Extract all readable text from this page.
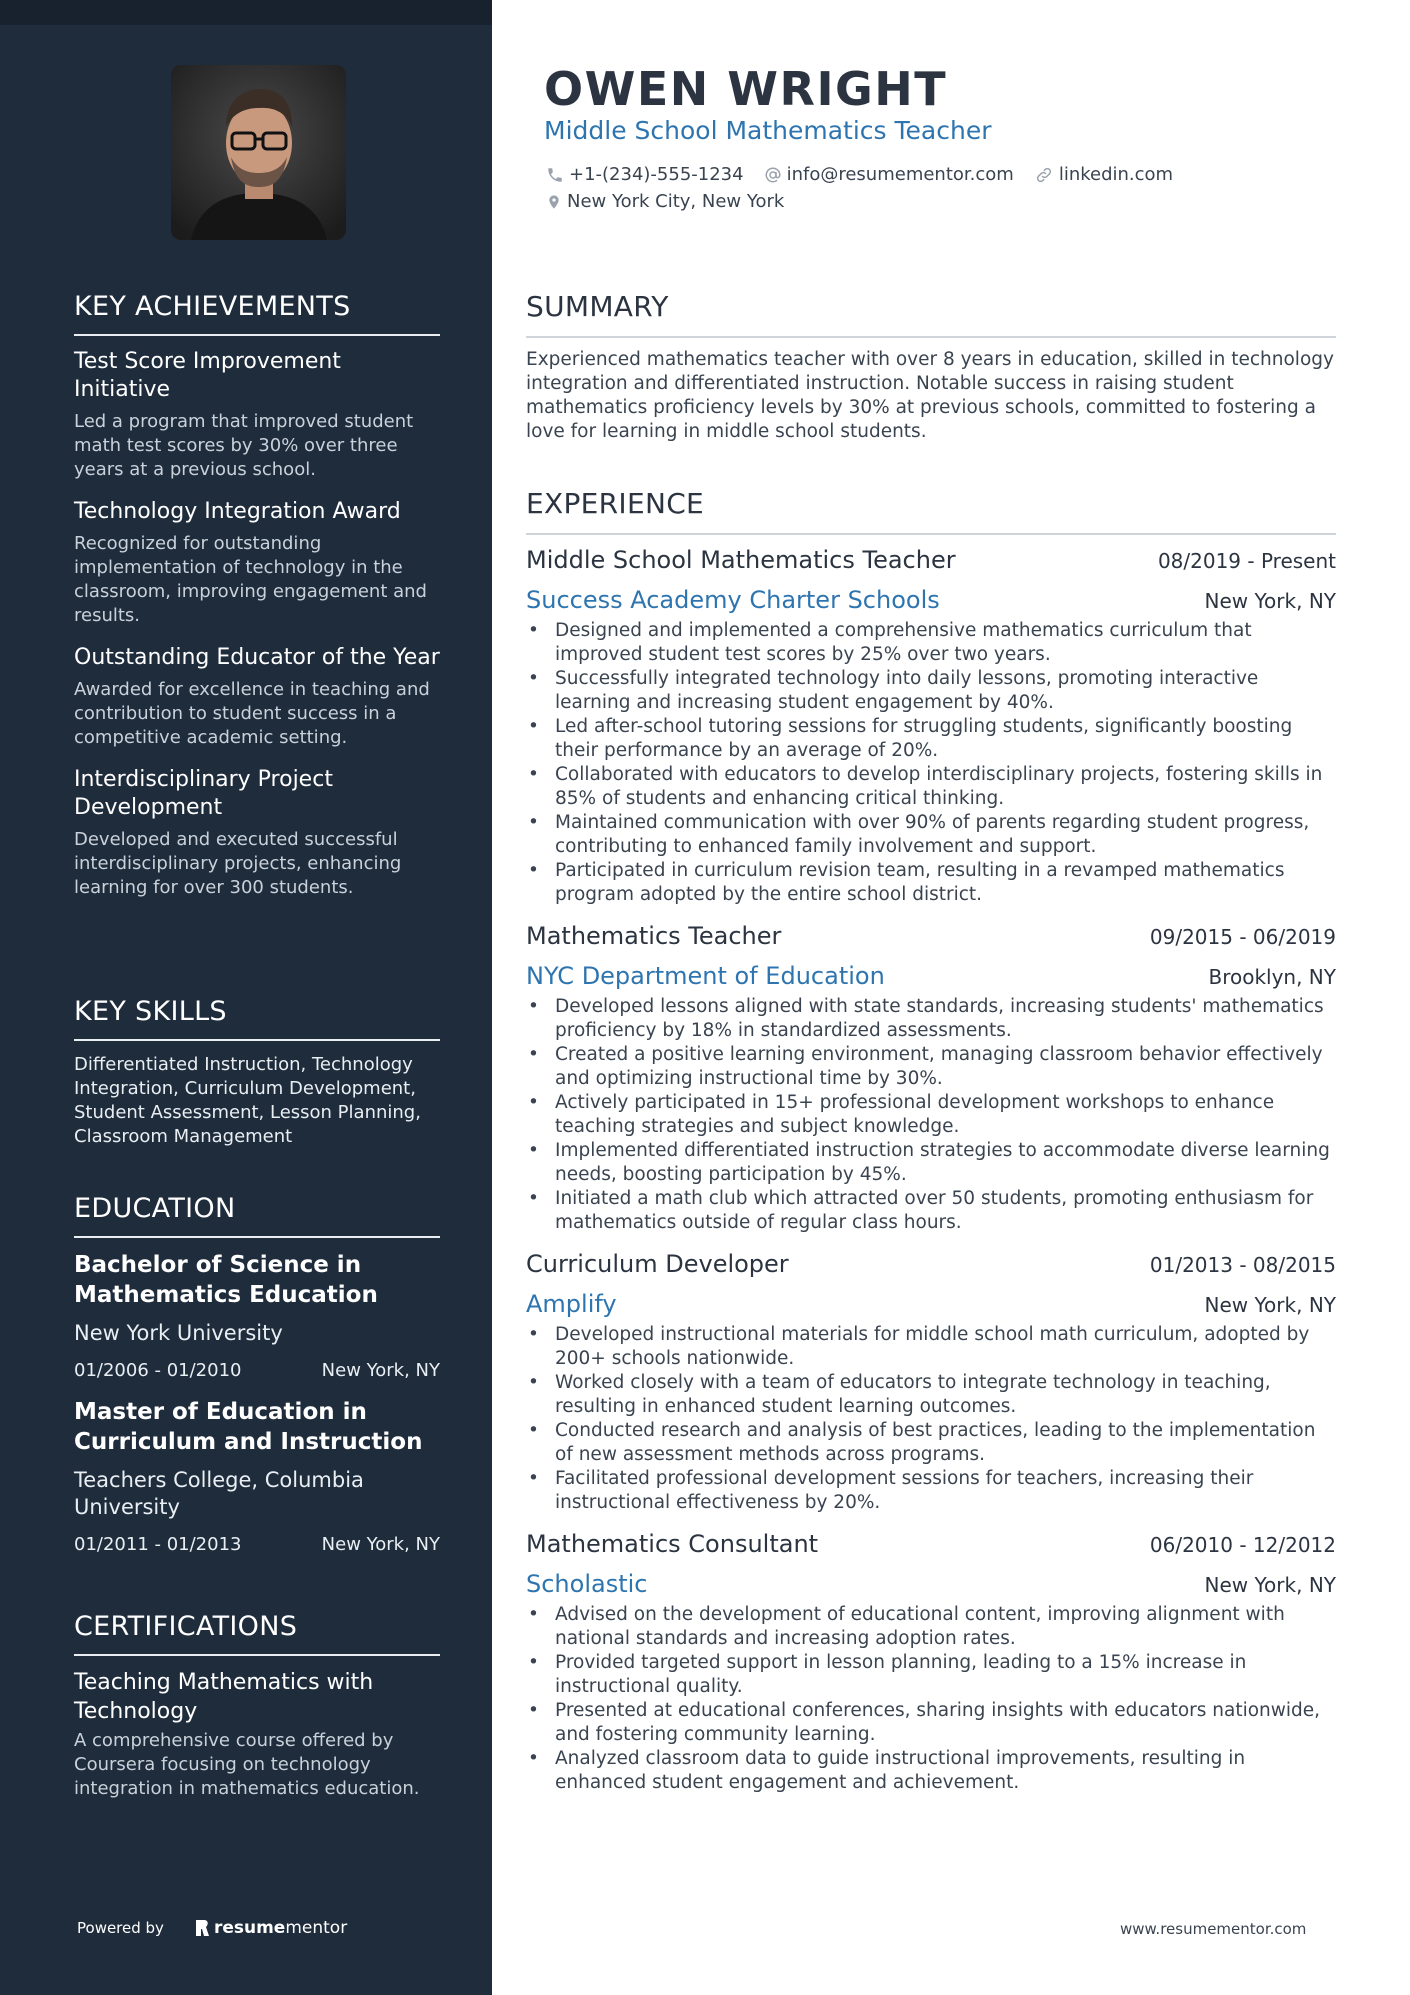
KEY ACHIEVEMENTS
Test Score Improvement Initiative
Led a program that improved student math test scores by 30% over three years at a previous school.
Technology Integration Award
Recognized for outstanding implementation of technology in the classroom, improving engagement and results.
Outstanding Educator of the Year
Awarded for excellence in teaching and contribution to student success in a competitive academic setting.
Interdisciplinary Project Development
Developed and executed successful interdisciplinary projects, enhancing learning for over 300 students.
KEY SKILLS
Differentiated Instruction, Technology Integration, Curriculum Development, Student Assessment, Lesson Planning, Classroom Management
EDUCATION
Bachelor of Science in Mathematics Education
New York University
01/2006 - 01/2010	New York, NY
Master of Education in Curriculum and Instruction
Teachers College, Columbia University
01/2011 - 01/2013	New York, NY
CERTIFICATIONS
Teaching Mathematics with Technology
A comprehensive course offered by Coursera focusing on technology integration in mathematics education.
Powered by	resume mentor
OWEN WRIGHT
Middle School Mathematics Teacher
+1-(234)-555-1234 info@resumementor.com	linkedin.com
New York City, New York
SUMMARY
Experienced mathematics teacher with over 8 years in education, skilled in technology integration and differentiated instruction. Notable success in raising student mathematics proficiency levels by 30% at previous schools, committed to fostering a love for learning in middle school students.
EXPERIENCE
Middle School Mathematics Teacher	08/2019 - Present
Success Academy Charter Schools	New York, NY
• Designed and implemented a comprehensive mathematics curriculum that improved student test scores by 25% over two years.
• Successfully integrated technology into daily lessons, promoting interactive learning and increasing student engagement by 40%.
• Led after-school tutoring sessions for struggling students, significantly boosting their performance by an average of 20%.
• Collaborated with educators to develop interdisciplinary projects, fostering skills in 85% of students and enhancing critical thinking.
• Maintained communication with over 90% of parents regarding student progress, contributing to enhanced family involvement and support.
• Participated in curriculum revision team, resulting in a revamped mathematics program adopted by the entire school district.
Mathematics Teacher	09/2015 - 06/2019
NYC Department of Education	Brooklyn, NY
• Developed lessons aligned with state standards, increasing students' mathematics proficiency by 18% in standardized assessments.
• Created a positive learning environment, managing classroom behavior effectively and optimizing instructional time by 30%.
• Actively participated in 15+ professional development workshops to enhance teaching strategies and subject knowledge.
• Implemented differentiated instruction strategies to accommodate diverse learning needs, boosting participation by 45%.
• Initiated a math club which attracted over 50 students, promoting enthusiasm for mathematics outside of regular class hours.
Curriculum Developer	01/2013 - 08/2015
Amplify	New York, NY
• Developed instructional materials for middle school math curriculum, adopted by 200+ schools nationwide.
• Worked closely with a team of educators to integrate technology in teaching, resulting in enhanced student learning outcomes.
• Conducted research and analysis of best practices, leading to the implementation of new assessment methods across programs.
• Facilitated professional development sessions for teachers, increasing their instructional effectiveness by 20%.
Mathematics Consultant	06/2010 - 12/2012
Scholastic	New York, NY
• Advised on the development of educational content, improving alignment with national standards and increasing adoption rates.
• Provided targeted support in lesson planning, leading to a 15% increase in instructional quality.
• Presented at educational conferences, sharing insights with educators nationwide, and fostering community learning.
• Analyzed classroom data to guide instructional improvements, resulting in enhanced student engagement and achievement.
www.resumementor.com
